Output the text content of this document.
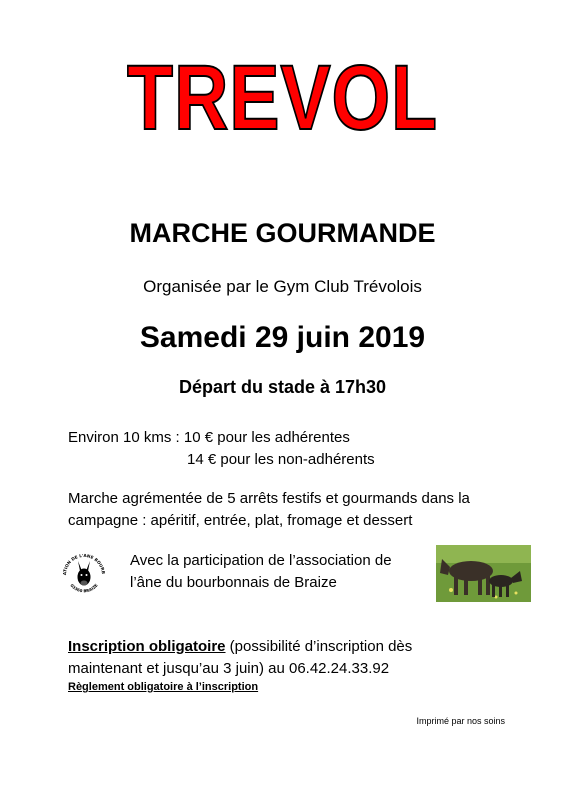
TREVOL
MARCHE GOURMANDE
Organisée par le Gym Club Trévolois
Samedi 29 juin 2019
Départ du stade à 17h30
Environ 10 kms : 10 € pour les adhérentes
14 € pour les non-adhérents
Marche agrémentée de 5 arrêts festifs et gourmands dans la campagne : apéritif, entrée, plat, fromage et dessert
ATION DE L'ANE BOURB
03360 BRAIZE
Avec la participation de l’association de l’âne du bourbonnais de Braize
Inscription obligatoire (possibilité d’inscription dès maintenant et jusqu’au 3 juin) au 06.42.24.33.92
Règlement obligatoire à l’inscription
Imprimé par nos soins
